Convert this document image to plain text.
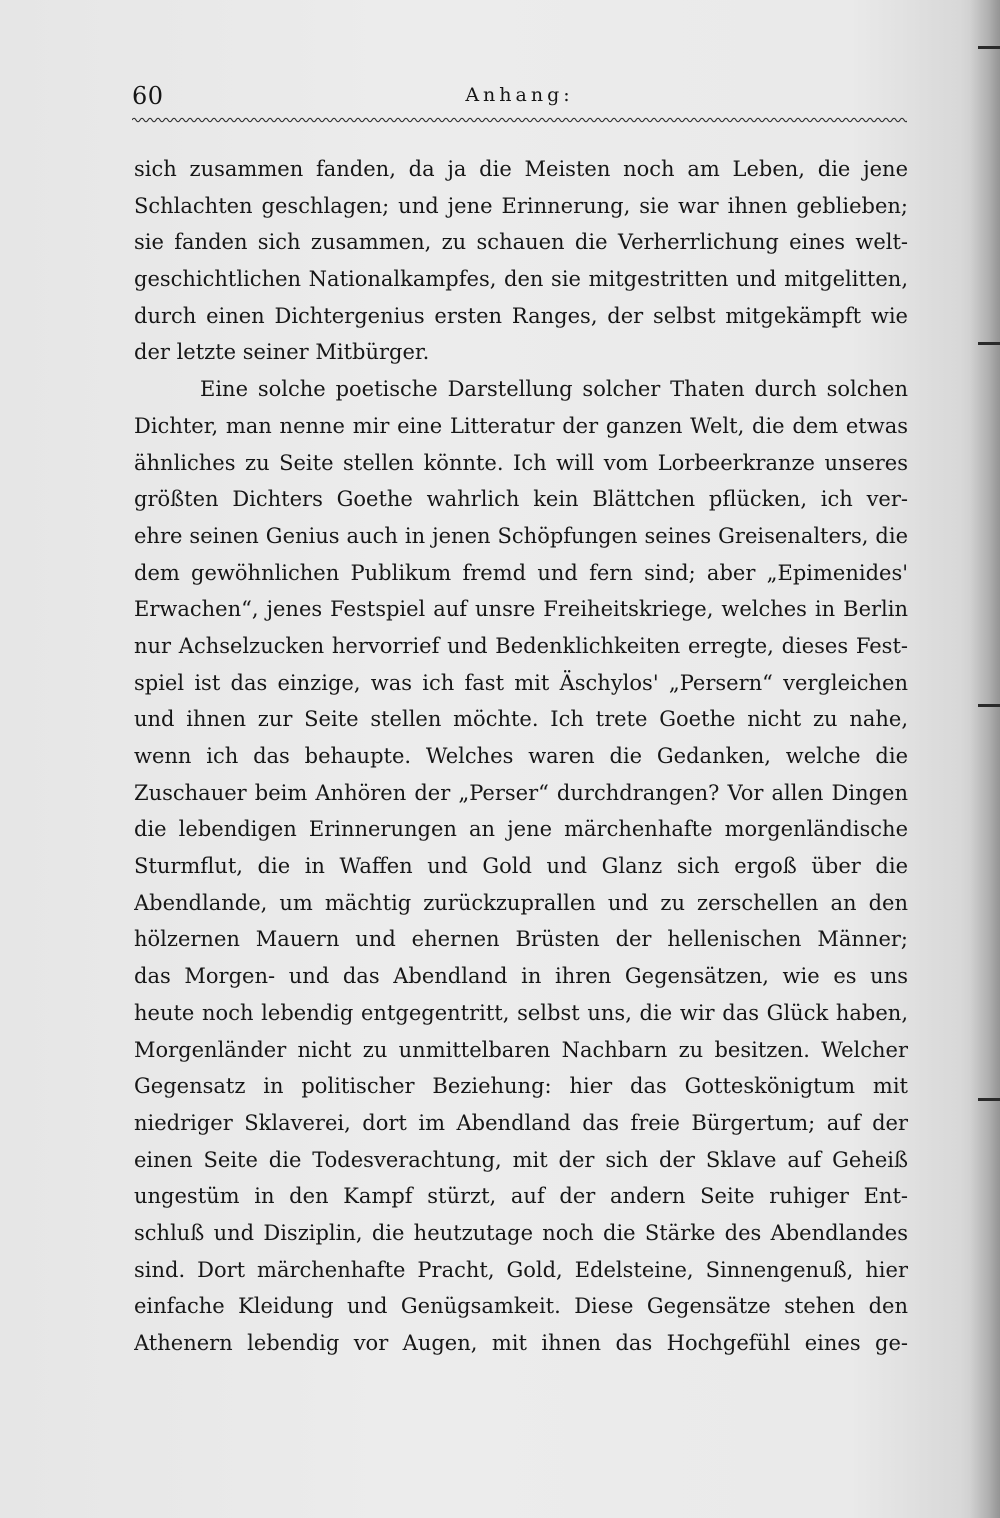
60	Anhang:
sich zusammen fanden, da ja die Meisten noch am Leben, die jene
Schlachten geschlagen; und jene Erinnerung, sie war ihnen geblieben;
sie fanden sich zusammen, zu schauen die Verherrlichung eines welt-
geschichtlichen Nationalkampfes, den sie mitgestritten und mitgelitten,
durch einen Dichtergenius ersten Ranges, der selbst mitgekämpft wie
der letzte seiner Mitbürger.
Eine solche poetische Darstellung solcher Thaten durch solchen
Dichter, man nenne mir eine Litteratur der ganzen Welt, die dem etwas
ähnliches zu Seite stellen könnte. Ich will vom Lorbeerkranze unseres
größten Dichters Goethe wahrlich kein Blättchen pflücken, ich ver-
ehre seinen Genius auch in jenen Schöpfungen seines Greisenalters, die
dem gewöhnlichen Publikum fremd und fern sind; aber „Epimenides'
Erwachen“, jenes Festspiel auf unsre Freiheitskriege, welches in Berlin
nur Achselzucken hervorrief und Bedenklichkeiten erregte, dieses Fest-
spiel ist das einzige, was ich fast mit Äschylos' „Persern“ vergleichen
und ihnen zur Seite stellen möchte. Ich trete Goethe nicht zu nahe,
wenn ich das behaupte. Welches waren die Gedanken, welche die
Zuschauer beim Anhören der „Perser“ durchdrangen? Vor allen Dingen
die lebendigen Erinnerungen an jene märchenhafte morgenländische
Sturmflut, die in Waffen und Gold und Glanz sich ergoß über die
Abendlande, um mächtig zurückzuprallen und zu zerschellen an den
hölzernen Mauern und ehernen Brüsten der hellenischen Männer;
das Morgen- und das Abendland in ihren Gegensätzen, wie es uns
heute noch lebendig entgegentritt, selbst uns, die wir das Glück haben,
Morgenländer nicht zu unmittelbaren Nachbarn zu besitzen. Welcher
Gegensatz in politischer Beziehung: hier das Gotteskönigtum mit
niedriger Sklaverei, dort im Abendland das freie Bürgertum; auf der
einen Seite die Todesverachtung, mit der sich der Sklave auf Geheiß
ungestüm in den Kampf stürzt, auf der andern Seite ruhiger Ent-
schluß und Disziplin, die heutzutage noch die Stärke des Abendlandes
sind. Dort märchenhafte Pracht, Gold, Edelsteine, Sinnengenuß, hier
einfache Kleidung und Genügsamkeit. Diese Gegensätze stehen den
Athenern lebendig vor Augen, mit ihnen das Hochgefühl eines ge-
